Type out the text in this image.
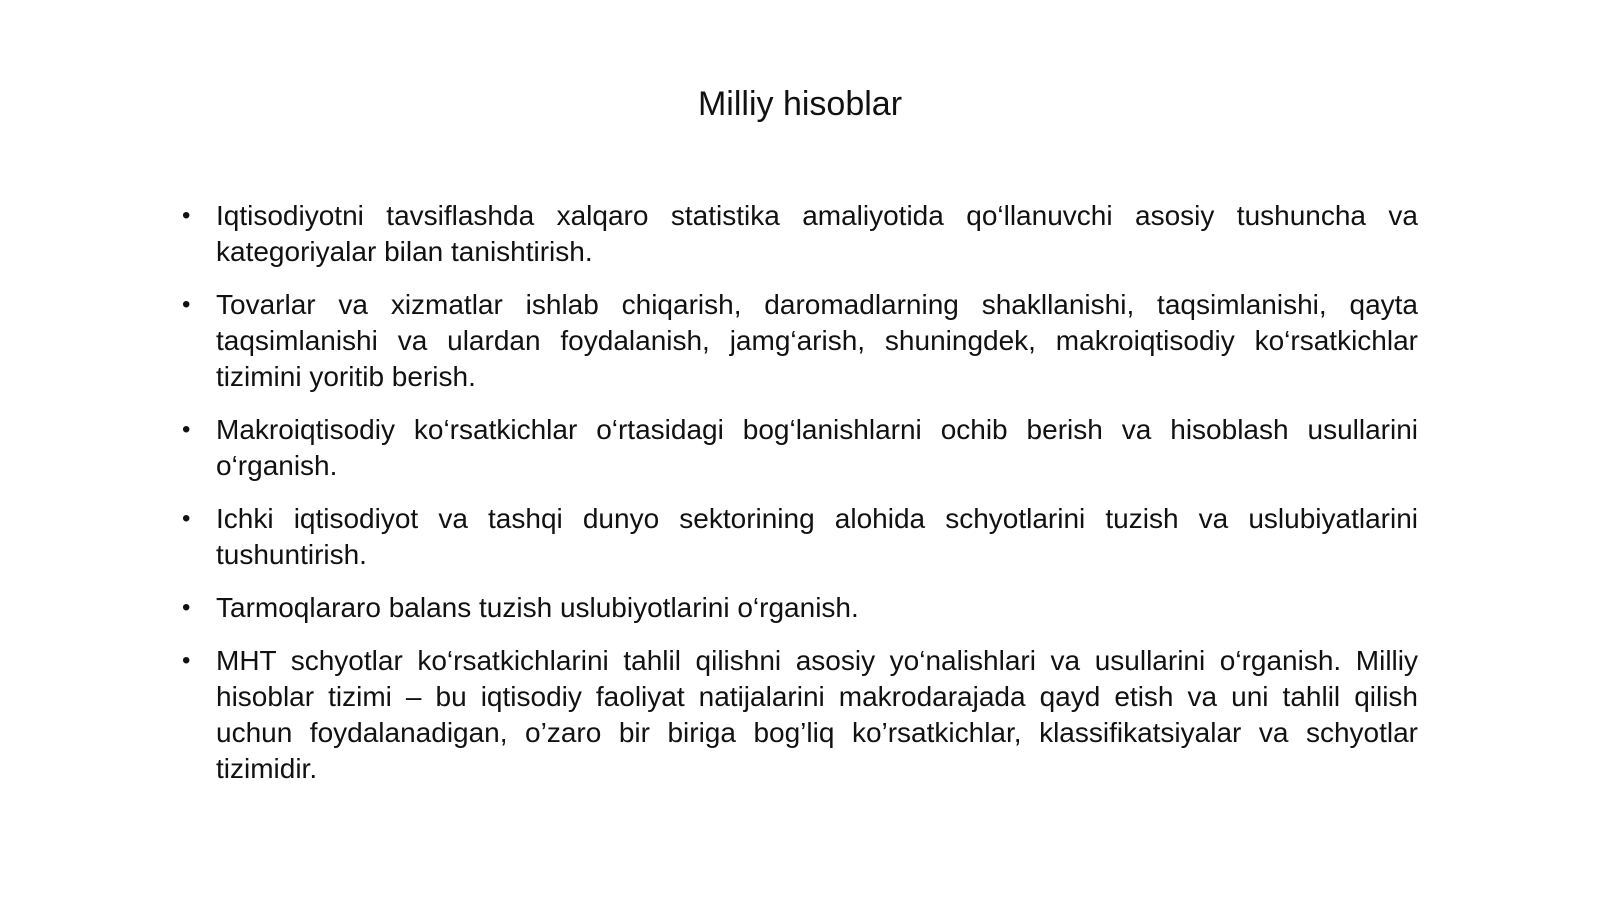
Milliy hisoblar
• Iqtisodiyotni tavsiflashda xalqaro statistika amaliyotida qo‘llanuvchi asosiy tushuncha va kategoriyalar bilan tanishtirish.
• Tovarlar va xizmatlar ishlab chiqarish, daromadlarning shakllanishi, taqsimlanishi, qayta taqsimlanishi va ulardan foydalanish, jamg‘arish, shuningdek, makroiqtisodiy ko‘rsatkichlar tizimini yoritib berish.
• Makroiqtisodiy ko‘rsatkichlar o‘rtasidagi bog‘lanishlarni ochib berish va hisoblash usullarini o‘rganish.
• Ichki iqtisodiyot va tashqi dunyo sektorining alohida schyotlarini tuzish va uslubiyatlarini tushuntirish.
• Tarmoqlararo balans tuzish uslubiyotlarini o‘rganish.
• MHT schyotlar ko‘rsatkichlarini tahlil qilishni asosiy yo‘nalishlari va usullarini o‘rganish. Milliy hisoblar tizimi – bu iqtisodiy faoliyat natijalarini makrodarajada qayd etish va uni tahlil qilish uchun foydalanadigan, o’zaro bir biriga bog’liq ko’rsatkichlar, klassifikatsiyalar va schyotlar tizimidir.
